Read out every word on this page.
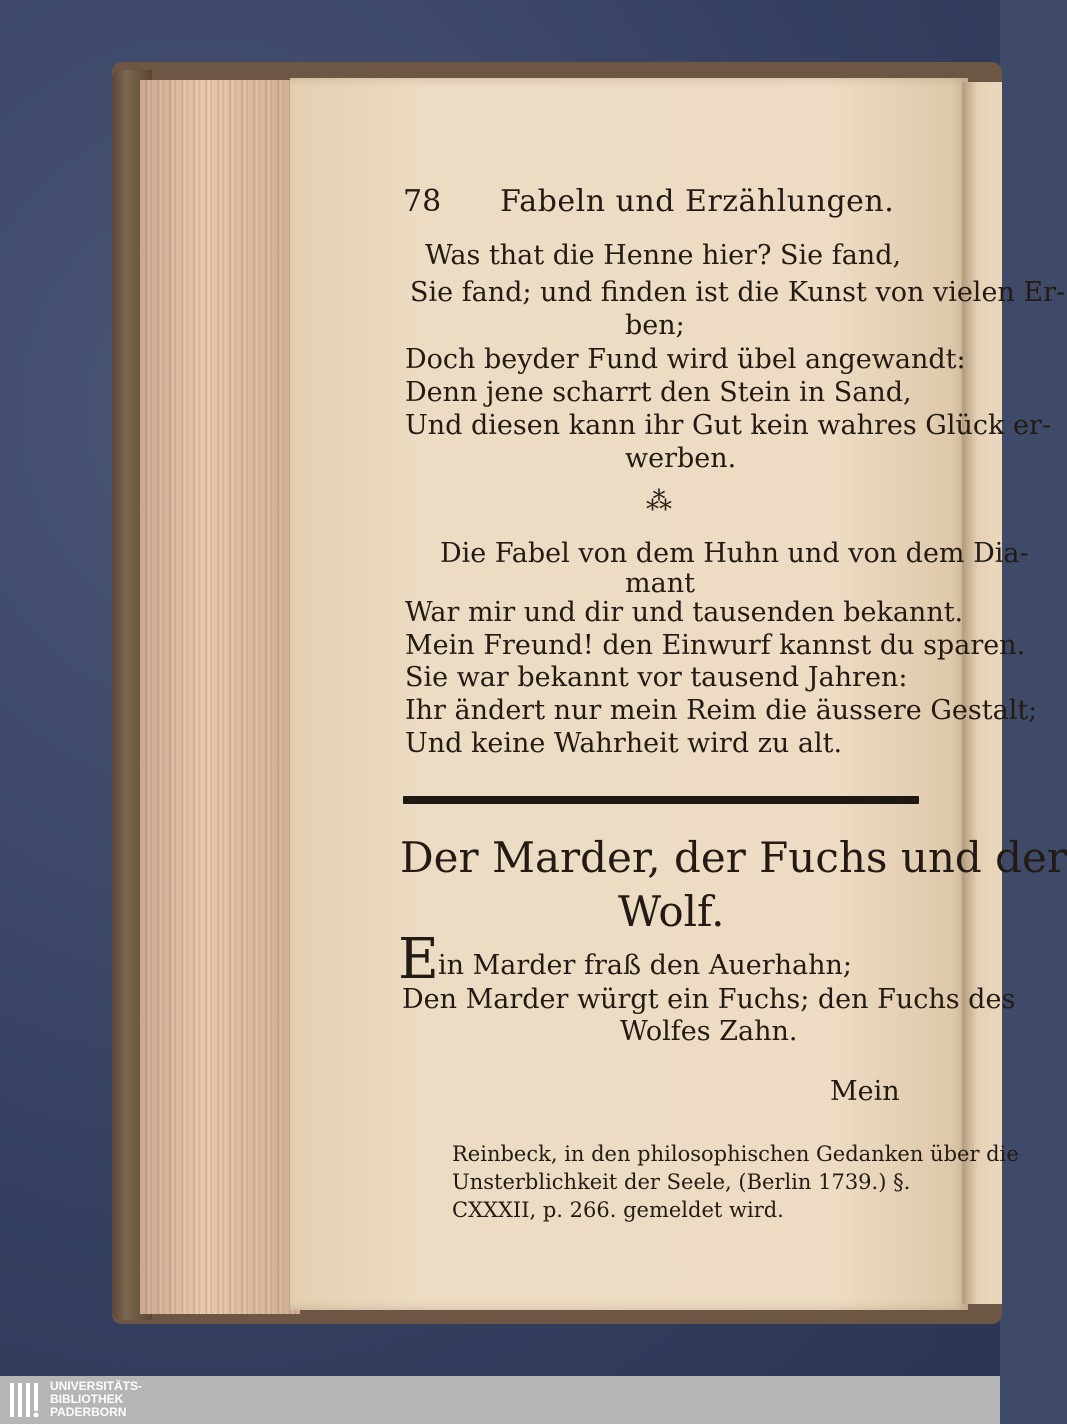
78 Fabeln und Erzählungen.
Was that die Henne hier? Sie fand,
Sie fand; und finden ist die Kunst von vielen Er-
ben;
Doch beyder Fund wird übel angewandt:
Denn jene scharrt den Stein in Sand,
Und diesen kann ihr Gut kein wahres Glück er-
werben.
⁂
Die Fabel von dem Huhn und von dem Dia-
mant
War mir und dir und tausenden bekannt.
Mein Freund! den Einwurf kannst du sparen.
Sie war bekannt vor tausend Jahren:
Ihr ändert nur mein Reim die äussere Gestalt;
Und keine Wahrheit wird zu alt.
Der Marder, der Fuchs und der
Wolf.
E in Marder fraß den Auerhahn;
Den Marder würgt ein Fuchs; den Fuchs des
Wolfes Zahn.
Mein
Reinbeck, in den philosophischen Gedanken über die
Unsterblichkeit der Seele, (Berlin 1739.) §.
CXXXII, p. 266. gemeldet wird.
UNIVERSITÄTS-
BIBLIOTHEK
PADERBORN
